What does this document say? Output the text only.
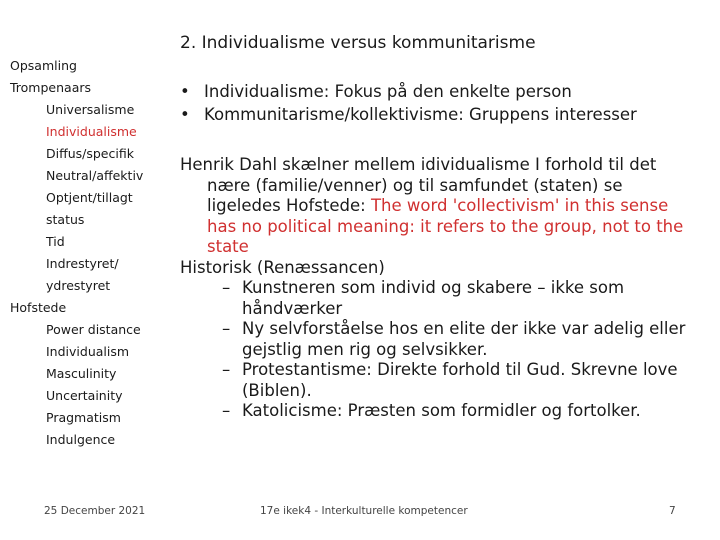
2. Individualisme versus kommunitarisme
Opsamling
Trompenaars
Universalisme
Individualisme
Diffus/specifik
Neutral/affektiv
Optjent/tillagt
status
Tid
Indrestyret/
ydrestyret
Hofstede
Power distance
Individualism
Masculinity
Uncertainity
Pragmatism
Indulgence
• Individualisme: Fokus på den enkelte person
• Kommunitarisme/kollektivisme: Gruppens interesser
Henrik Dahl skælner mellem idividualisme I forhold til det nære (familie/venner) og til samfundet (staten) se ligeledes Hofstede: The word 'collectivism' in this sense has no political meaning: it refers to the group, not to the state
Historisk (Renæssancen)
– Kunstneren som individ og skabere – ikke som håndværker
– Ny selvforståelse hos en elite der ikke var adelig eller gejstlig men rig og selvsikker.
– Protestantisme: Direkte forhold til Gud. Skrevne love (Biblen).
– Katolicisme: Præsten som formidler og fortolker.
25 December 2021	17e ikek4 - Interkulturelle kompetencer	7
